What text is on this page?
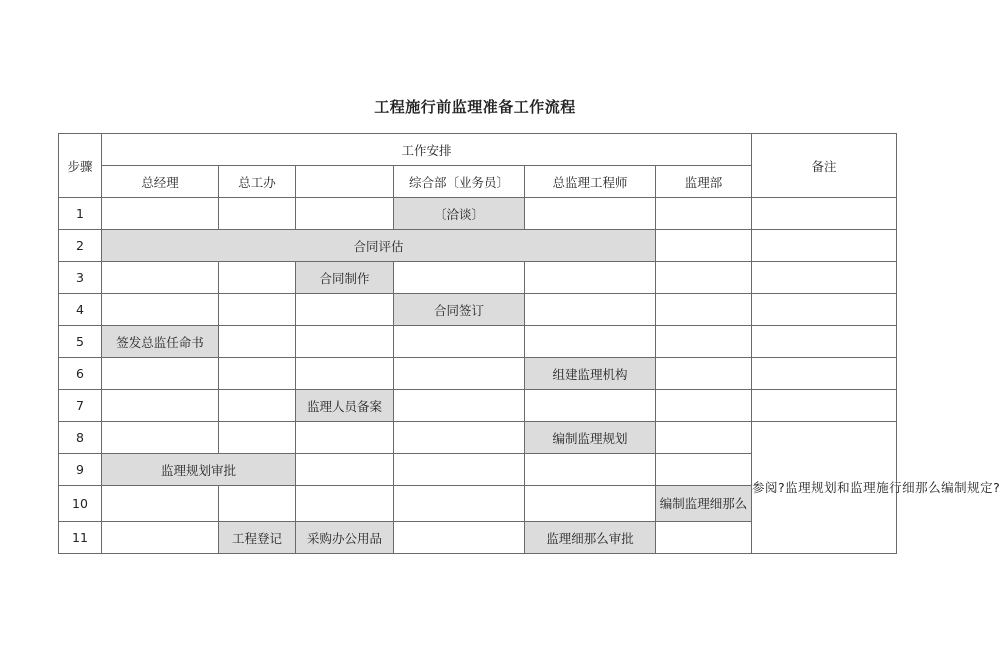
工程施行前监理准备工作流程
步骤	工作安排						备注
	总经理	总工办		综合部〔业务员〕	总监理工程师	监理部	
1				〔洽谈〕			
2	合同评估						
3			合同制作				
4				合同签订			
5	签发总监任命书						
6					组建监理机构		
7			监理人员备案				
8					编制监理规划		参阅?监理规划和监理施行细那么编制规定?

9	监理规划审批						
10						编制监理细那么	
11		工程登记	采购办公用品		监理细那么审批		
